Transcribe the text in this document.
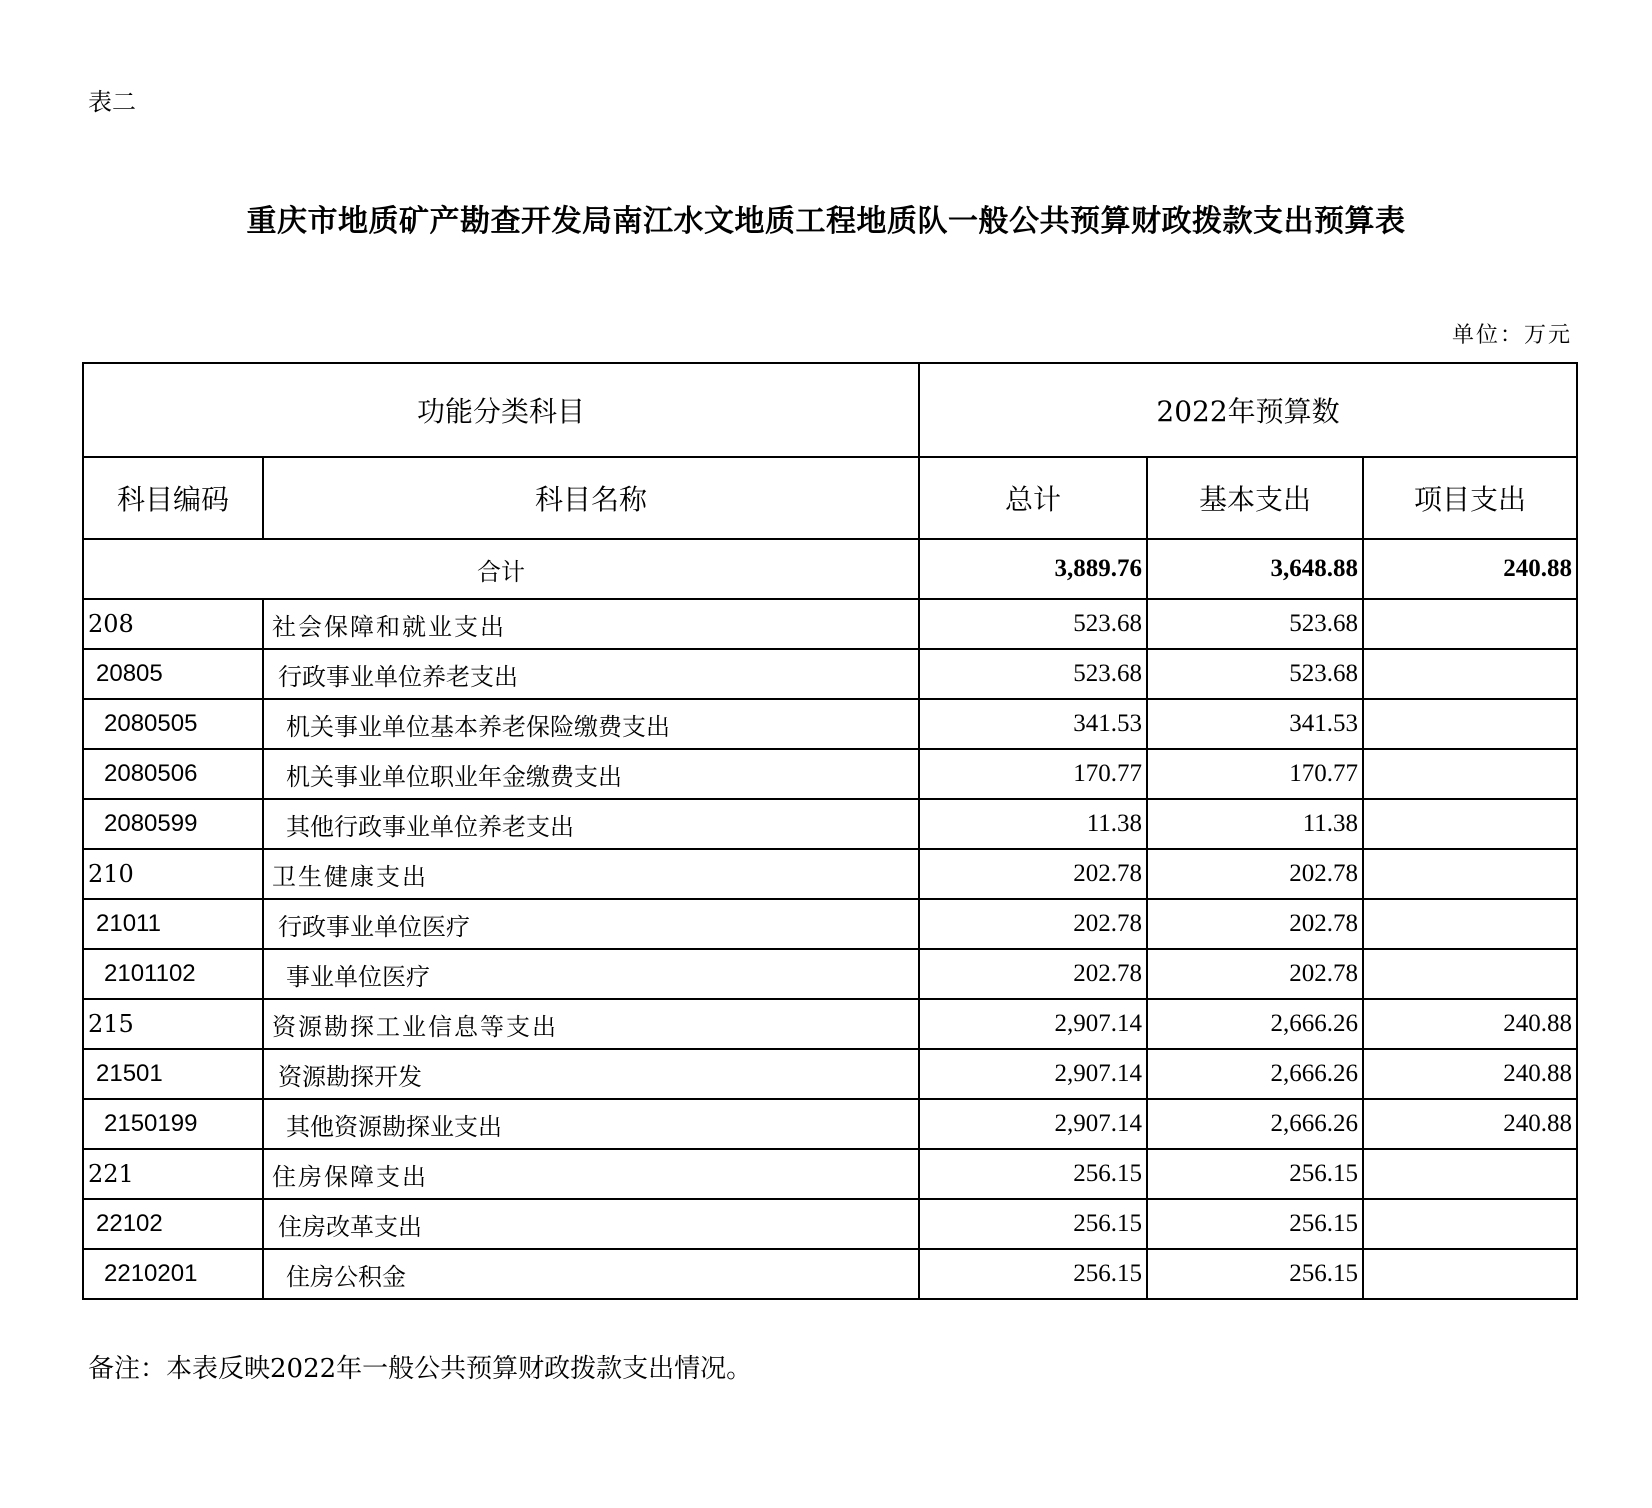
表二
重庆市地质矿产勘查开发局南江水文地质工程地质队一般公共预算财政拨款支出预算表
单位：万元
功能分类科目		2022年预算数		
科目编码	科目名称	总计	基本支出	项目支出
合计		3,889.76	3,648.88	240.88
208	社会保障和就业支出	523.68	523.68	
20805	行政事业单位养老支出	523.68	523.68	
2080505	机关事业单位基本养老保险缴费支出	341.53	341.53	
2080506	机关事业单位职业年金缴费支出	170.77	170.77	
2080599	其他行政事业单位养老支出	11.38	11.38	
210	卫生健康支出	202.78	202.78	
21011	行政事业单位医疗	202.78	202.78	
2101102	事业单位医疗	202.78	202.78	
215	资源勘探工业信息等支出	2,907.14	2,666.26	240.88
21501	资源勘探开发	2,907.14	2,666.26	240.88
2150199	其他资源勘探业支出	2,907.14	2,666.26	240.88
221	住房保障支出	256.15	256.15	
22102	住房改革支出	256.15	256.15	
2210201	住房公积金	256.15	256.15	
备注：本表反映2022年一般公共预算财政拨款支出情况。
